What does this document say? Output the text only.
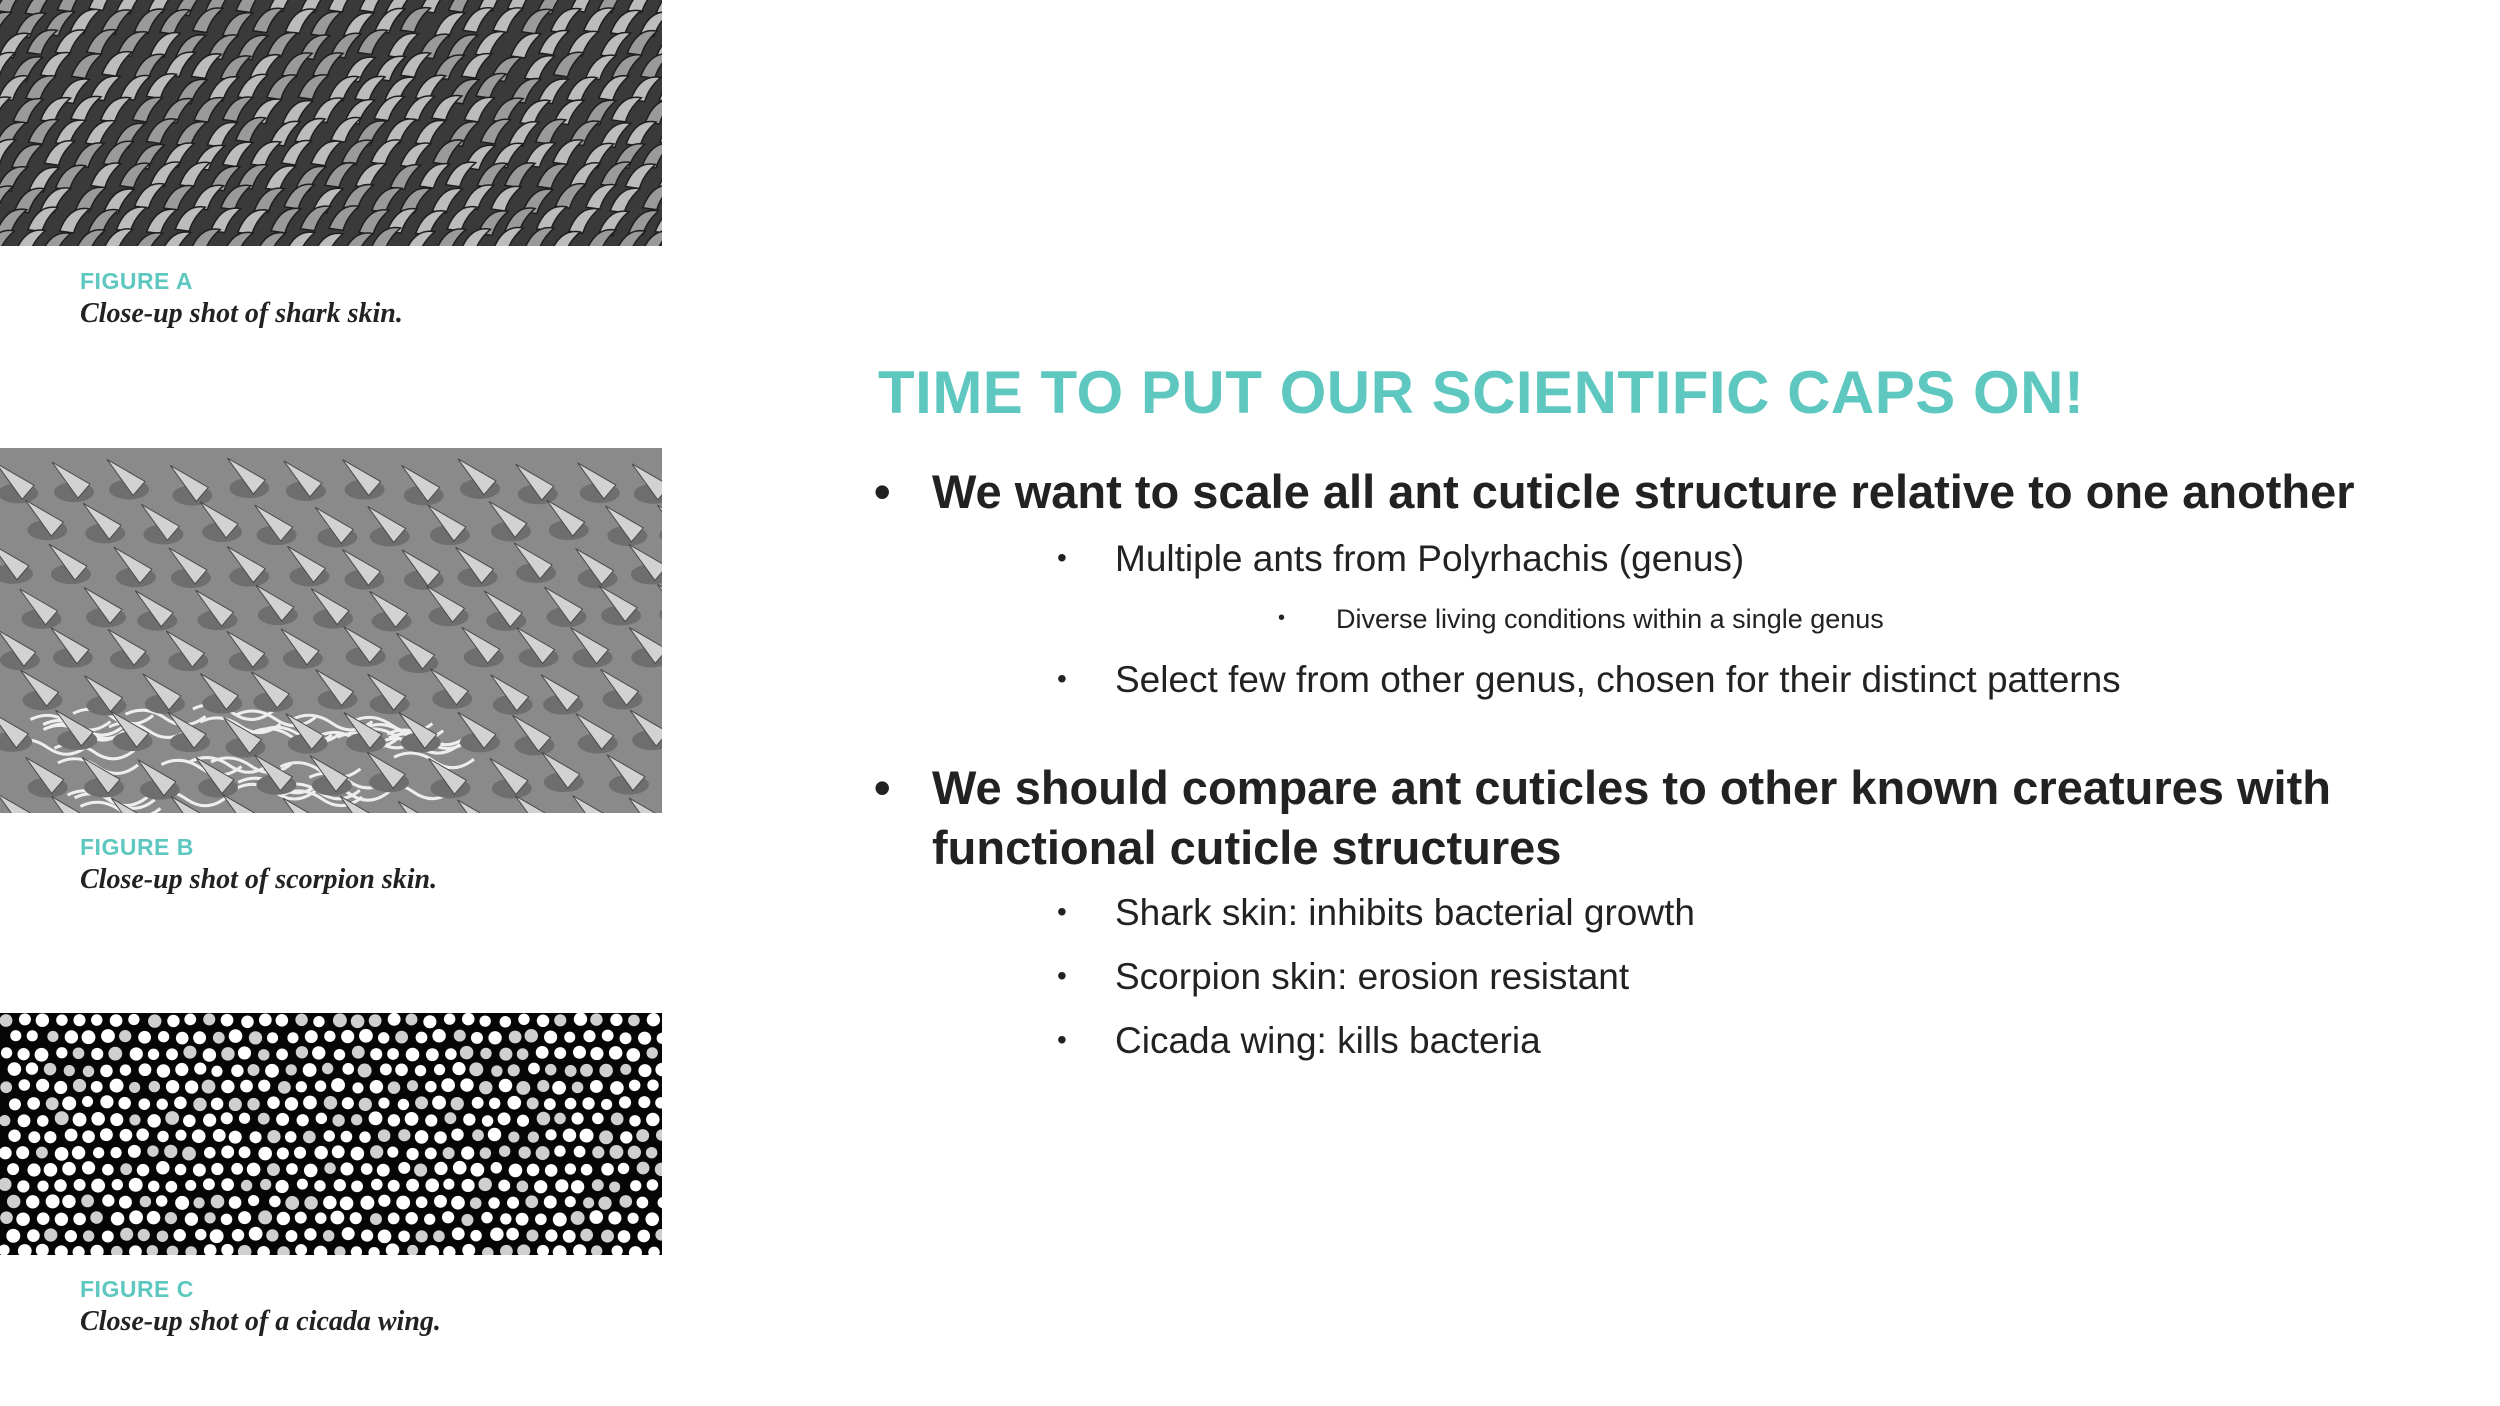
FIGURE A
Close-up shot of shark skin.
FIGURE B
Close-up shot of scorpion skin.
FIGURE C
Close-up shot of a cicada wing.
TIME TO PUT OUR SCIENTIFIC CAPS ON!
• We want to scale all ant cuticle structure relative to one another
• Multiple ants from Polyrhachis (genus)
• Diverse living conditions within a single genus
• Select few from other genus, chosen for their distinct patterns
• We should compare ant cuticles to other known creatures with functional cuticle structures
• Shark skin: inhibits bacterial growth
• Scorpion skin: erosion resistant
• Cicada wing: kills bacteria
